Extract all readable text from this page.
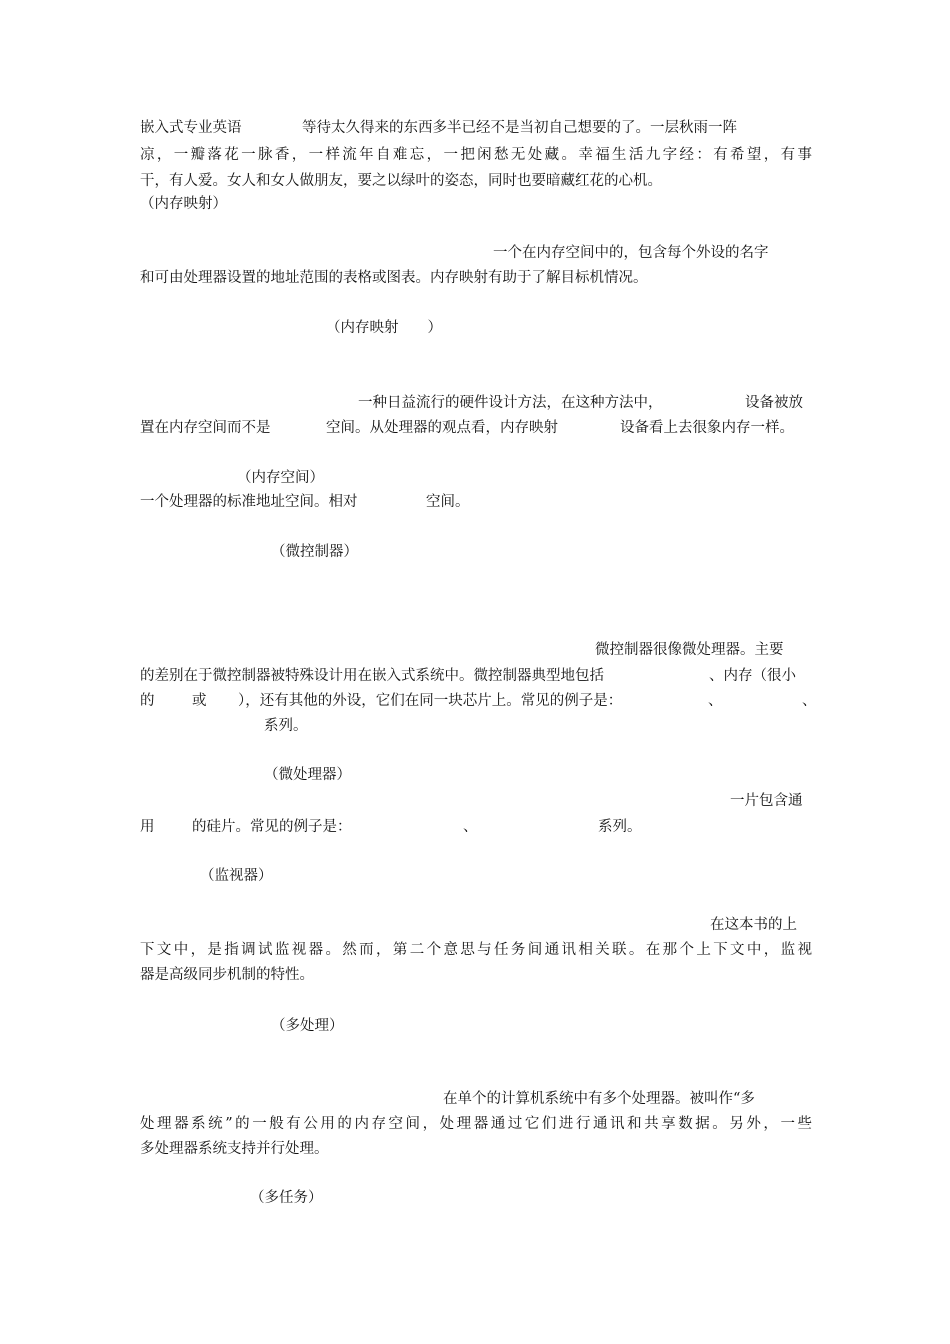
嵌入式专业英语	等待太久得来的东西多半已经不是当初自己想要的了。一层秋雨一阵
凉，一瓣落花一脉香，一样流年自难忘，一把闲愁无处藏。幸福生活九字经：有希望，有事
干，有人爱。女人和女人做朋友，要之以绿叶的姿态，同时也要暗藏红花的心机。
（内存映射）
一个在内存空间中的，包含每个外设的名字
和可由处理器设置的地址范围的表格或图表。内存映射有助于了解目标机情况。
（内存映射　　）
一种日益流行的硬件设计方法，在这种方法中，	设备被放
置在内存空间而不是	空间。从处理器的观点看，内存映射	设备看上去很象内存一样。
（内存空间）
一个处理器的标准地址空间。相对	空间。
（微控制器）
微控制器很像微处理器。主要
的差别在于微控制器被特殊设计用在嵌入式系统中。微控制器典型地包括	、内存（很小
的	或 ），还有其他的外设，它们在同一块芯片上。常见的例子是：	、	、
系列。
（微处理器）
一片包含通
用	的硅片。常见的例子是：	、	系列。
（监视器）
在这本书的上
下文中，是指调试监视器。然而，第二个意思与任务间通讯相关联。在那个上下文中，监视
器是高级同步机制的特性。
（多处理）
在单个的计算机系统中有多个处理器。被叫作“多
处理器系统”的一般有公用的内存空间，处理器通过它们进行通讯和共享数据。另外，一些
多处理器系统支持并行处理。
（多任务）
